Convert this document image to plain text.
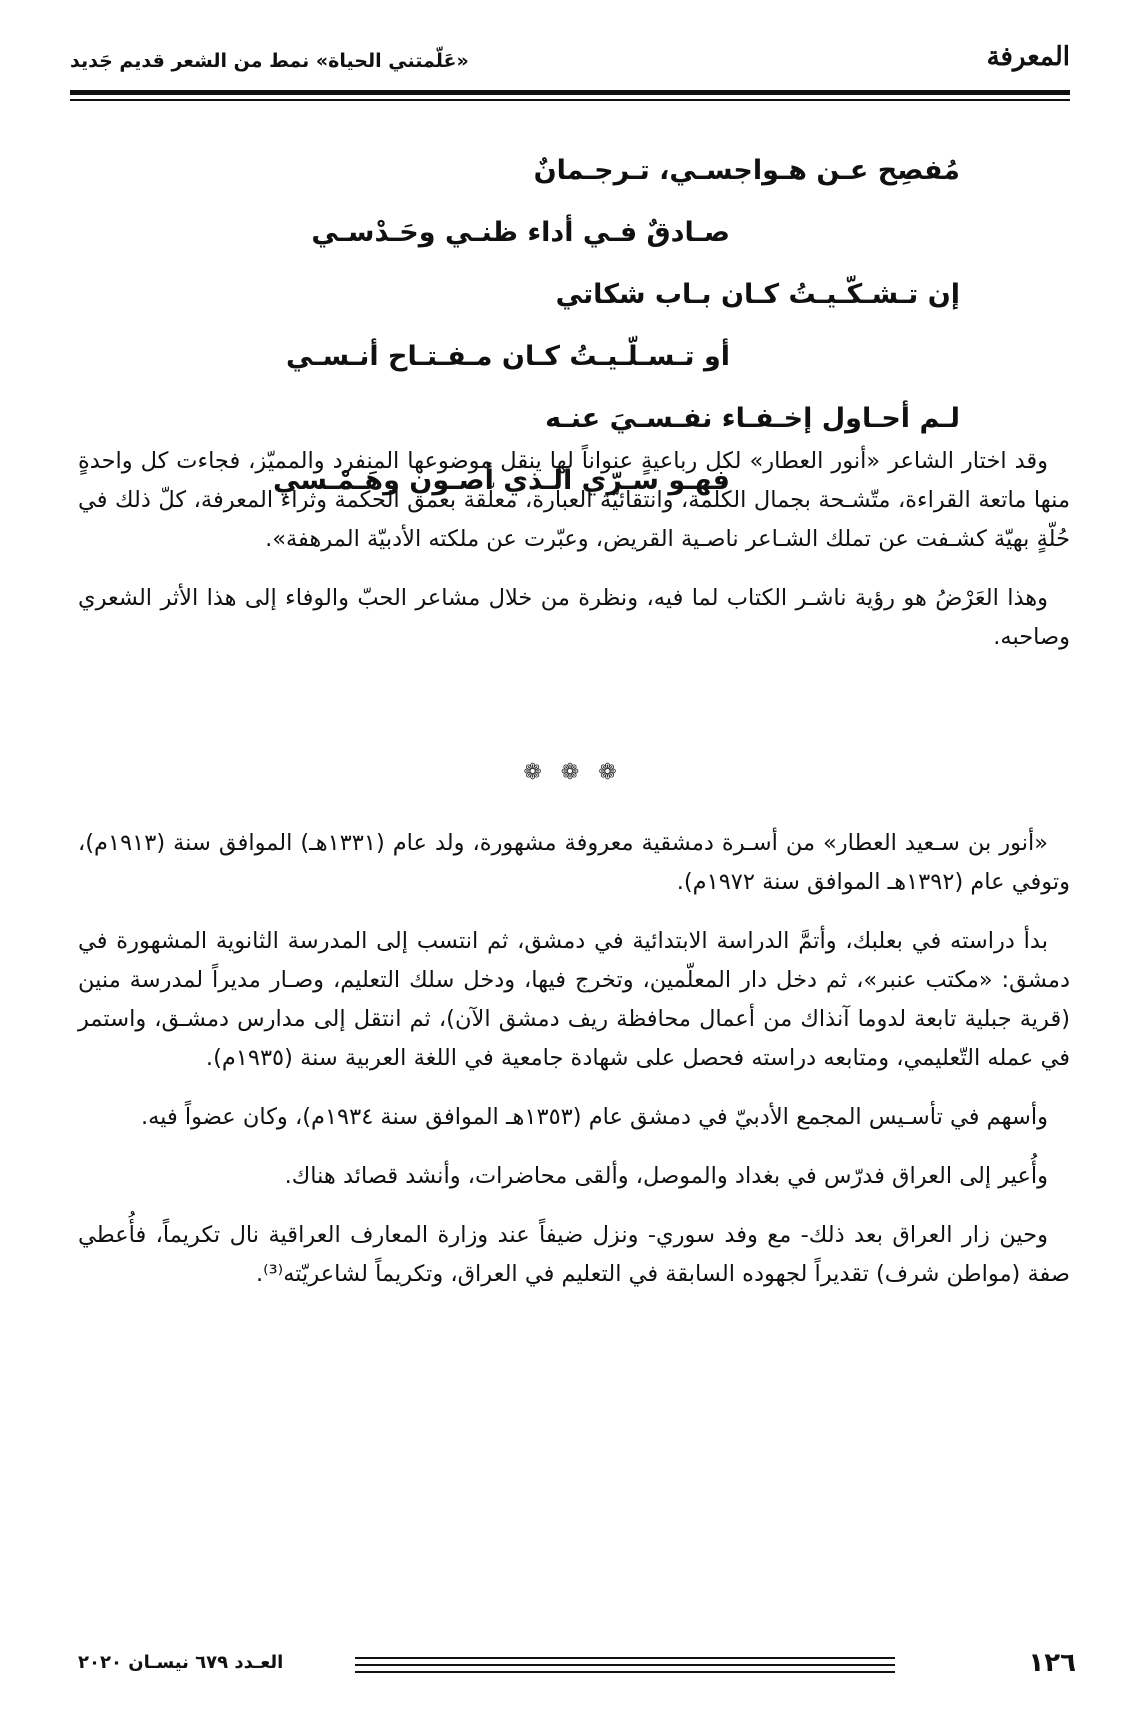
المعرفة
«عَلّمتني الحياة» نمط من الشعر قديم جَديد
مُفصِح عـن هـواجسـي، تـرجـمانٌ
صـادقٌ فـي أداء ظنـي وحَـدْسـي
إن تـشـكّـيـتُ كـان بـاب شكاتي
أو تـسـلّـيـتُ كـان مـفـتـاح أنـسـي
لـم أحـاول إخـفـاء نفـسـيَ عنـه
فهـو سـرّي الـذي أصـون وهَـمْـسي

وقد اختار الشاعر «أنور العطار» لكل رباعيةٍ عنواناً لها ينقل موضوعها المنفرد والمميّز، فجاءت كل واحدةٍ منها ماتعة القراءة، متّشـحة بجمال الكلمة، وانتقائيّة العبارة، معلّقة بعمق الحكمة وثراء المعرفة، كلّ ذلك في حُلّةٍ بهيّة كشـفت عن تملك الشـاعر ناصـية القريض، وعبّرت عن ملكته الأدبيّة المرهفة».

وهذا العَرْضُ هو رؤية ناشـر الكتاب لما فيه، ونظرة من خلال مشاعر الحبّ والوفاء إلى هذا الأثر الشعري وصاحبه.

❁ ❁ ❁

«أنور بن سـعيد العطار» من أسـرة دمشقية معروفة مشهورة، ولد عام (١٣٣١هـ) الموافق سنة (١٩١٣م)، وتوفي عام (١٣٩٢هـ الموافق سنة ١٩٧٢م).

بدأ دراسته في بعلبك، وأتمَّ الدراسة الابتدائية في دمشق، ثم انتسب إلى المدرسة الثانوية المشهورة في دمشق: «مكتب عنبر»، ثم دخل دار المعلّمين، وتخرج فيها، ودخل سلك التعليم، وصـار مديراً لمدرسة منين (قرية جبلية تابعة لدوما آنذاك من أعمال محافظة ريف دمشق الآن)، ثم انتقل إلى مدارس دمشـق، واستمر في عمله التّعليمي، ومتابعه دراسته فحصل على شهادة جامعية في اللغة العربية سنة (١٩٣٥م).

وأسهم في تأسـيس المجمع الأدبيّ في دمشق عام (١٣٥٣هـ الموافق سنة ١٩٣٤م)، وكان عضواً فيه.

وأُعير إلى العراق فدرّس في بغداد والموصل، وألقى محاضرات، وأنشد قصائد هناك.

وحين زار العراق بعد ذلك- مع وفد سوري- ونزل ضيفاً عند وزارة المعارف العراقية نال تكريماً، فأُعطي صفة (مواطن شرف) تقديراً لجهوده السابقة في التعليم في العراق، وتكريماً لشاعريّته⁽³⁾.

١٢٦
العـدد ٦٧٩ نيسـان ٢٠٢٠
